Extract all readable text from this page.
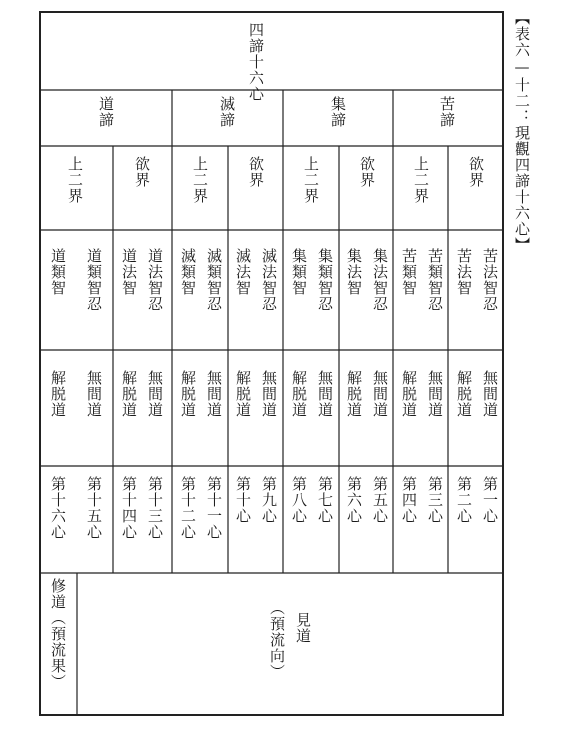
【表六—十二：現觀四諦十六心】
四諦十六心
道諦	滅諦	集諦	苦諦
上二界	欲界	上二界	欲界 上二界	欲界 上二界 欲界
道類智 道類智忍 道法智 道法智忍 滅類智 滅類智忍 滅法智 滅法智忍 集類智 集類智忍 集法智 集法智忍 苦類智 苦類智忍 苦法智 苦法智忍
解脱道 無間道 解脱道 無間道 解脱道 無間道 解脱道 無間道 解脱道 無間道 解脱道 無間道 解脱道 無間道 解脱道 無間道
第十六心 第十五心 第十四心 第十三心 第十二心 第十一心 第十心 第九心 第八心 第七心 第六心 第五心 第四心 第三心 第二心 第一心
修道（預流果）	見道
（預流向）
